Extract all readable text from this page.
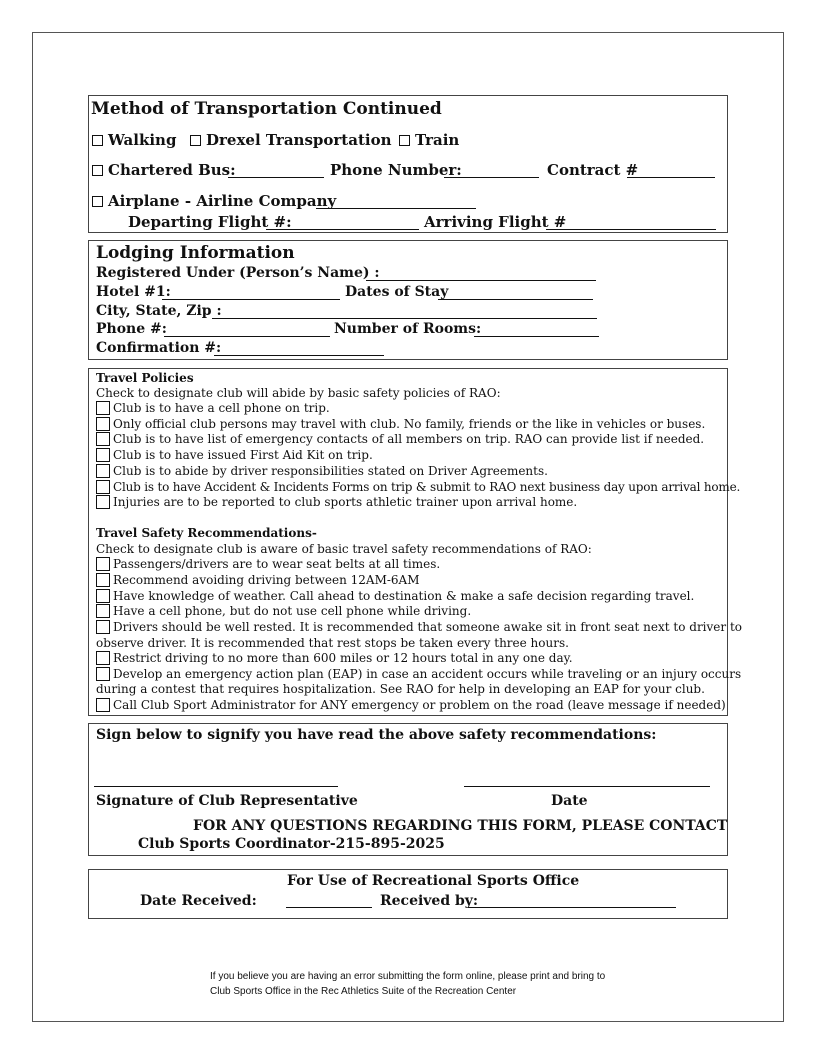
Method of Transportation Continued
Walking	Drexel Transportation	Train
Chartered Bus:	Phone Number:	Contract #
Airplane - Airline Company
Departing Flight #:	Arriving Flight #
Lodging Information
Registered Under (Person’s Name) :
Hotel #1:	Dates of Stay
City, State, Zip :
Phone #:	Number of Rooms:
Confirmation #:
Travel Policies
Check to designate club will abide by basic safety policies of RAO:
Club is to have a cell phone on trip.
Only official club persons may travel with club. No family, friends or the like in vehicles or buses.
Club is to have list of emergency contacts of all members on trip. RAO can provide list if needed.
Club is to have issued First Aid Kit on trip.
Club is to abide by driver responsibilities stated on Driver Agreements.
Club is to have Accident & Incidents Forms on trip & submit to RAO next business day upon arrival home.
Injuries are to be reported to club sports athletic trainer upon arrival home.
Travel Safety Recommendations-
Check to designate club is aware of basic travel safety recommendations of RAO:
Passengers/drivers are to wear seat belts at all times.
Recommend avoiding driving between 12AM-6AM
Have knowledge of weather. Call ahead to destination & make a safe decision regarding travel.
Have a cell phone, but do not use cell phone while driving.
Drivers should be well rested. It is recommended that someone awake sit in front seat next to driver to
observe driver. It is recommended that rest stops be taken every three hours.
Restrict driving to no more than 600 miles or 12 hours total in any one day.
Develop an emergency action plan (EAP) in case an accident occurs while traveling or an injury occurs
during a contest that requires hospitalization. See RAO for help in developing an EAP for your club.
Call Club Sport Administrator for ANY emergency or problem on the road (leave message if needed)
Sign below to signify you have read the above safety recommendations:
Signature of Club Representative	Date
FOR ANY QUESTIONS REGARDING THIS FORM, PLEASE CONTACT
Club Sports Coordinator-215-895-2025
For Use of Recreational Sports Office
Date Received:	Received by:
If you believe you are having an error submitting the form online, please print and bring to
Club Sports Office in the Rec Athletics Suite of the Recreation Center
